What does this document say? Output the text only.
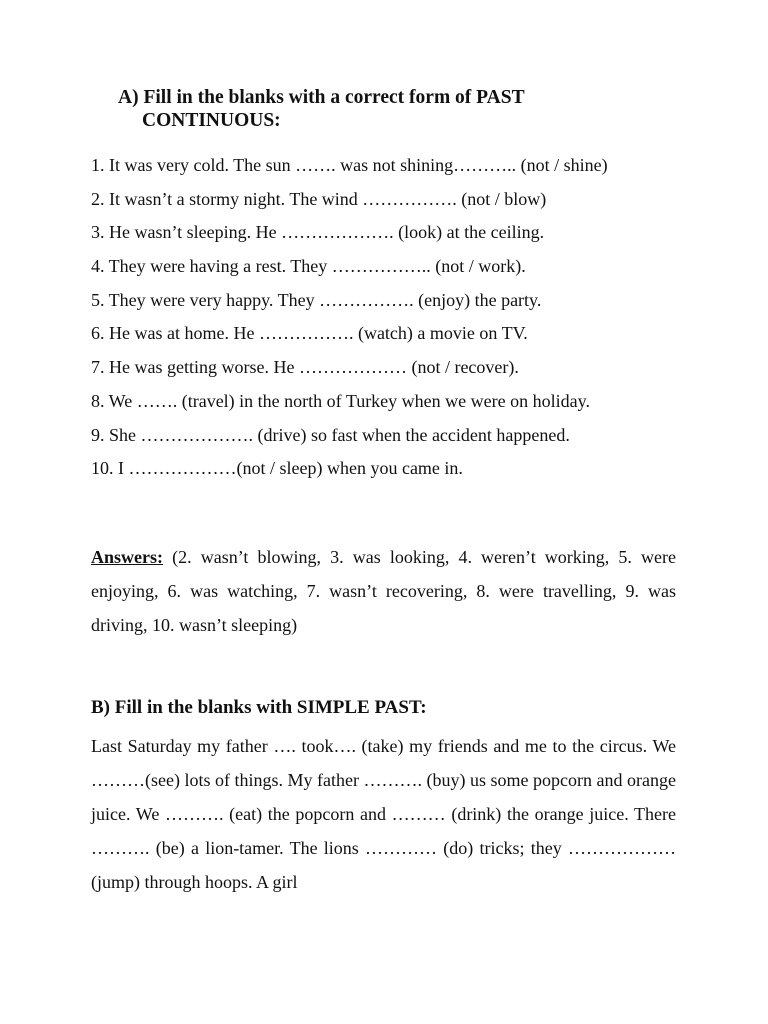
A) Fill in the blanks with a correct form of PAST
CONTINUOUS:
1. It was very cold. The sun ……. was not shining……….. (not / shine)
2. It wasn’t a stormy night. The wind ……………. (not / blow)
3. He wasn’t sleeping. He ………………. (look) at the ceiling.
4. They were having a rest. They …………….. (not / work).
5. They were very happy. They ……………. (enjoy) the party.
6. He was at home. He ……………. (watch) a movie on TV.
7. He was getting worse. He ……………… (not / recover).
8. We ……. (travel) in the north of Turkey when we were on holiday.
9. She ………………. (drive) so fast when the accident happened.
10. I ………………(not / sleep) when you came in.

Answers: (2. wasn’t blowing, 3. was looking, 4. weren’t working, 5. were enjoying, 6. was watching, 7. wasn’t recovering, 8. were travelling, 9. was driving, 10. wasn’t sleeping)

B) Fill in the blanks with SIMPLE PAST:

Last Saturday my father …. took…. (take) my friends and me to the circus. We ………(see) lots of things. My father ………. (buy) us some popcorn and orange juice. We ………. (eat) the popcorn and ……… (drink) the orange juice. There ………. (be) a lion-tamer. The lions ………… (do) tricks; they ……………… (jump) through hoops. A girl
